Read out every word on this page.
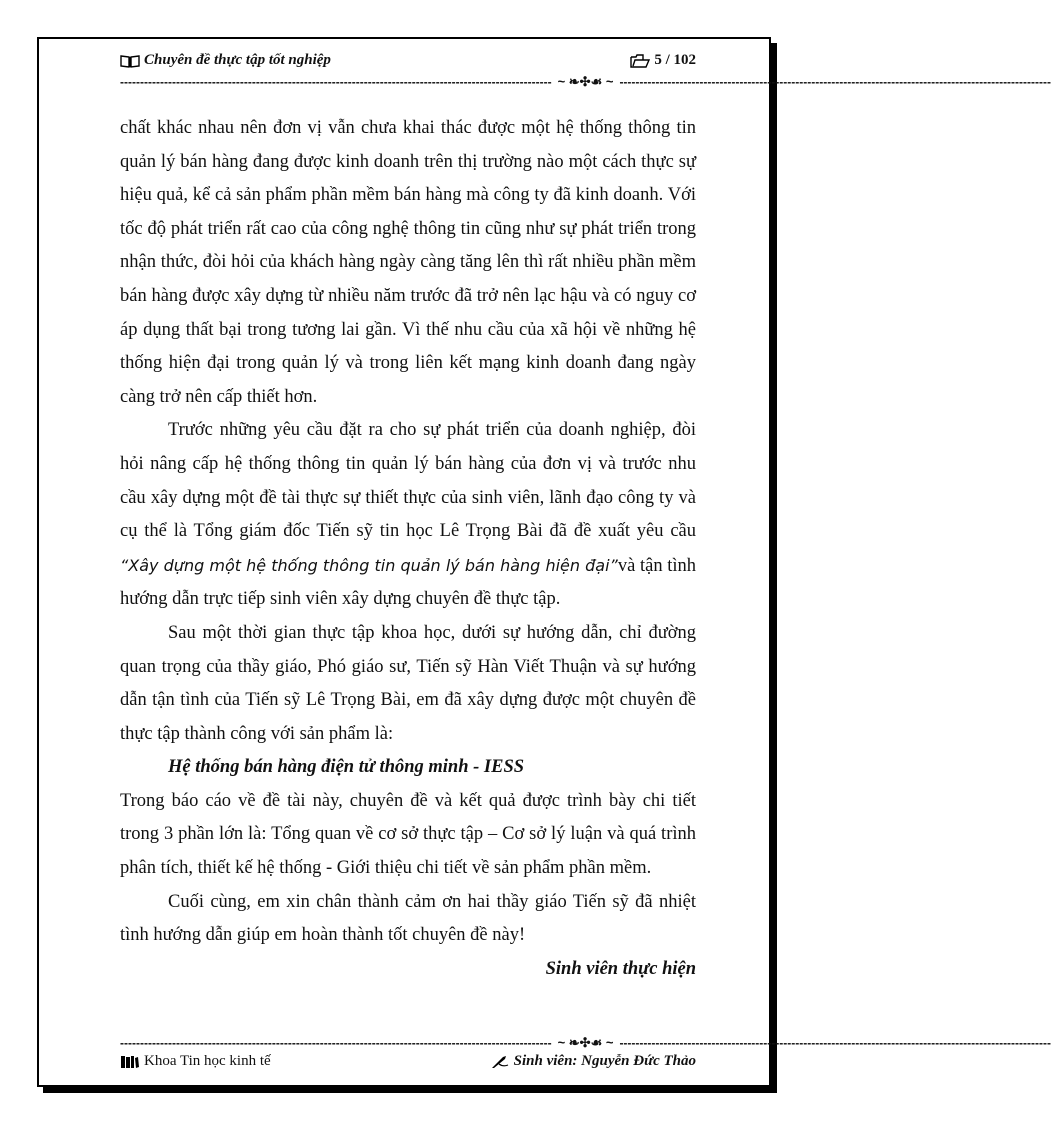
Chuyên đề thực tập tốt nghiệp	5 / 102
------------------------------------------------------------------------------------------------------------ ~ ❧✣☙ ~ ------------------------------------------------------------------------------------------------------------

chất khác nhau nên đơn vị vẫn chưa khai thác được một hệ thống thông tin quản lý bán hàng đang được kinh doanh trên thị trường nào một cách thực sự hiệu quả, kể cả sản phẩm phần mềm bán hàng mà công ty đã kinh doanh. Với tốc độ phát triển rất cao của công nghệ thông tin cũng như sự phát triển trong nhận thức, đòi hỏi của khách hàng ngày càng tăng lên thì rất nhiều phần mềm bán hàng được xây dựng từ nhiều năm trước đã trở nên lạc hậu và có nguy cơ áp dụng thất bại trong tương lai gần. Vì thế nhu cầu của xã hội về những hệ thống hiện đại trong quản lý và trong liên kết mạng kinh doanh đang ngày càng trở nên cấp thiết hơn.

Trước những yêu cầu đặt ra cho sự phát triển của doanh nghiệp, đòi hỏi nâng cấp hệ thống thông tin quản lý bán hàng của đơn vị và trước nhu cầu xây dựng một đề tài thực sự thiết thực của sinh viên, lãnh đạo công ty và cụ thể là Tổng giám đốc Tiến sỹ tin học Lê Trọng Bài đã đề xuất yêu cầu “Xây dựng một hệ thống thông tin quản lý bán hàng hiện đại”và tận tình hướng dẫn trực tiếp sinh viên xây dựng chuyên đề thực tập.

Sau một thời gian thực tập khoa học, dưới sự hướng dẫn, chỉ đường quan trọng của thầy giáo, Phó giáo sư, Tiến sỹ Hàn Viết Thuận và sự hướng dẫn tận tình của Tiến sỹ Lê Trọng Bài, em đã xây dựng được một chuyên đề thực tập thành công với sản phẩm là:

Hệ thống bán hàng điện tử thông minh - IESS

Trong báo cáo về đề tài này, chuyên đề và kết quả được trình bày chi tiết trong 3 phần lớn là: Tổng quan về cơ sở thực tập – Cơ sở lý luận và quá trình phân tích, thiết kế hệ thống - Giới thiệu chi tiết về sản phẩm phần mềm.

Cuối cùng, em xin chân thành cảm ơn hai thầy giáo Tiến sỹ đã nhiệt tình hướng dẫn giúp em hoàn thành tốt chuyên đề này!

Sinh viên thực hiện

------------------------------------------------------------------------------------------------------------ ~ ❧✣☙ ~ ------------------------------------------------------------------------------------------------------------
Khoa Tin học kinh tế	Sinh viên: Nguyễn Đức Thảo
